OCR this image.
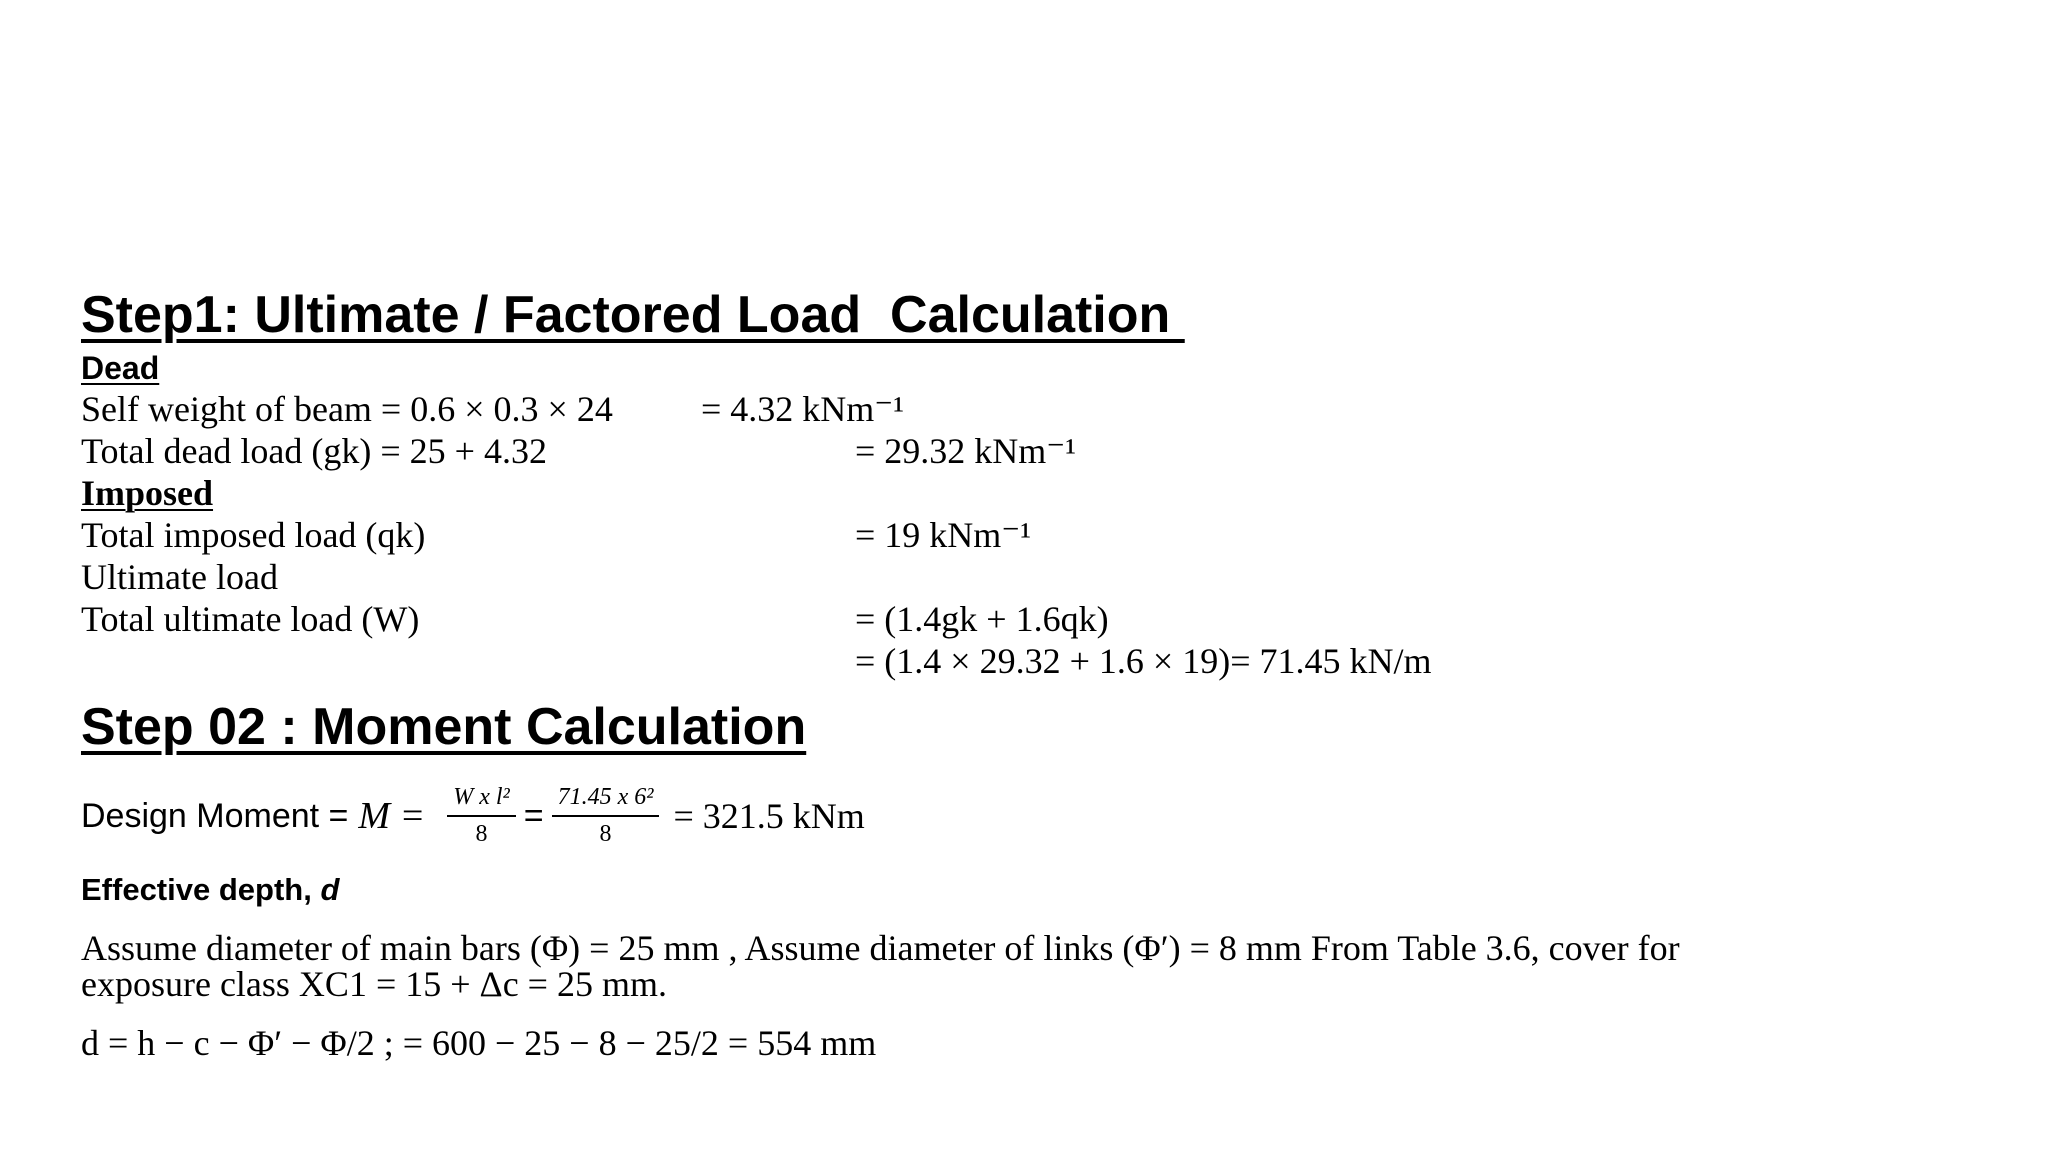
Step1: Ultimate / Factored Load  Calculation
Dead
Self weight of beam = 0.6 × 0.3 × 24 = 4.32 kNm⁻¹
Total dead load (gk) = 25 + 4.32	= 29.32 kNm⁻¹
Imposed
Total imposed load (qk)	= 19 kNm⁻¹
Ultimate load
Total ultimate load (W)	= (1.4gk + 1.6qk)
= (1.4 × 29.32 + 1.6 × 19)= 71.45 kN/m
Step 02 : Moment Calculation
Design Moment = $M = \frac{\text{W x l²}}{8} = \frac{\text{71.45 x 6²}}{8} = 321.5$ kNm
Effective depth, d
Assume diameter of main bars (Φ) = 25 mm , Assume diameter of links (Φ′) = 8 mm From Table 3.6, cover for
exposure class XC1 = 15 + Δc = 25 mm.
d = h − c − Φ′ − Φ/2 ; = 600 − 25 − 8 − 25/2 = 554 mm
